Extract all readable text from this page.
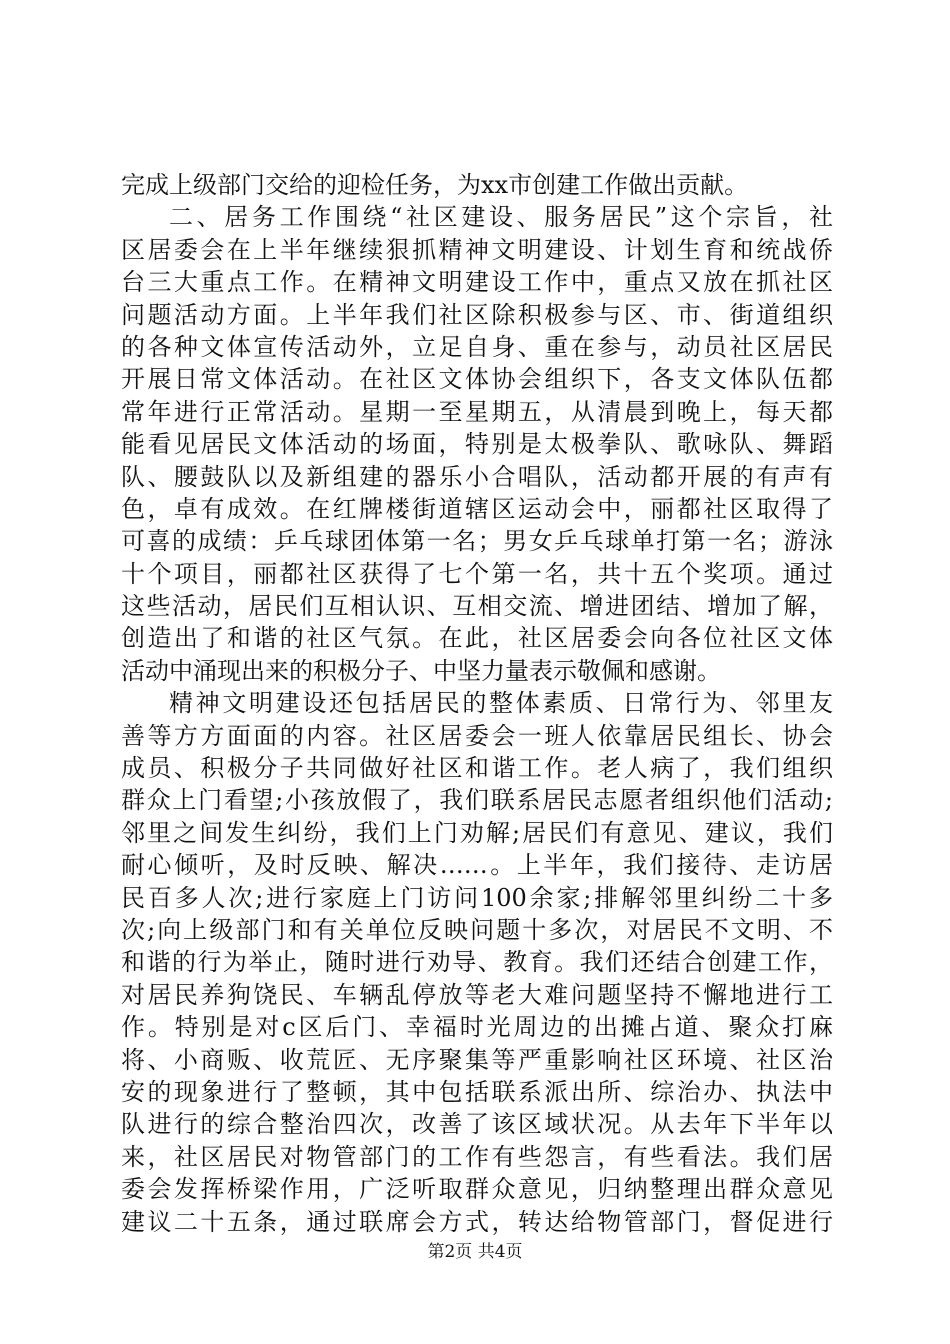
完成上级部门交给的迎检任务，为xx市创建工作做出贡献。
二、居务工作围绕“社区建设、服务居民”这个宗旨，社
区居委会在上半年继续狠抓精神文明建设、计划生育和统战侨
台三大重点工作。在精神文明建设工作中，重点又放在抓社区
问题活动方面。上半年我们社区除积极参与区、市、街道组织
的各种文体宣传活动外，立足自身、重在参与，动员社区居民
开展日常文体活动。在社区文体协会组织下，各支文体队伍都
常年进行正常活动。星期一至星期五，从清晨到晚上，每天都
能看见居民文体活动的场面，特别是太极拳队、歌咏队、舞蹈
队、腰鼓队以及新组建的器乐小合唱队，活动都开展的有声有
色，卓有成效。在红牌楼街道辖区运动会中，丽都社区取得了
可喜的成绩：乒乓球团体第一名；男女乒乓球单打第一名；游泳
十个项目，丽都社区获得了七个第一名，共十五个奖项。通过
这些活动，居民们互相认识、互相交流、增进团结、增加了解，
创造出了和谐的社区气氛。在此，社区居委会向各位社区文体
活动中涌现出来的积极分子、中坚力量表示敬佩和感谢。
精神文明建设还包括居民的整体素质、日常行为、邻里友
善等方方面面的内容。社区居委会一班人依靠居民组长、协会
成员、积极分子共同做好社区和谐工作。老人病了，我们组织
群众上门看望;小孩放假了，我们联系居民志愿者组织他们活动;
邻里之间发生纠纷，我们上门劝解;居民们有意见、建议，我们
耐心倾听，及时反映、解决……。上半年，我们接待、走访居
民百多人次;进行家庭上门访问100余家;排解邻里纠纷二十多
次;向上级部门和有关单位反映问题十多次，对居民不文明、不
和谐的行为举止，随时进行劝导、教育。我们还结合创建工作，
对居民养狗饶民、车辆乱停放等老大难问题坚持不懈地进行工
作。特别是对c区后门、幸福时光周边的出摊占道、聚众打麻
将、小商贩、收荒匠、无序聚集等严重影响社区环境、社区治
安的现象进行了整顿，其中包括联系派出所、综治办、执法中
队进行的综合整治四次，改善了该区域状况。从去年下半年以
来，社区居民对物管部门的工作有些怨言，有些看法。我们居
委会发挥桥梁作用，广泛听取群众意见，归纳整理出群众意见
建议二十五条，通过联席会方式，转达给物管部门，督促进行
第2页 共4页
